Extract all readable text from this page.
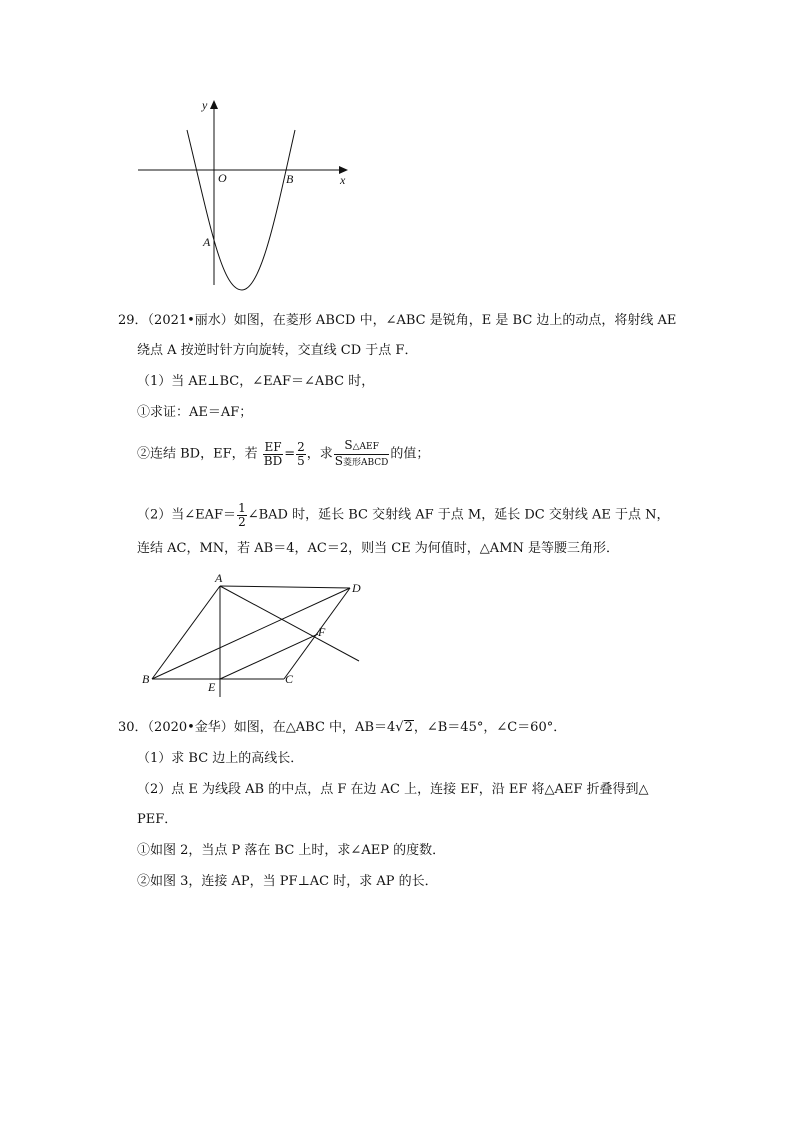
y
O	B	x
A
29．（2021•丽水）如图，在菱形 ABCD 中，∠ABC 是锐角，E 是 BC 边上的动点，将射线 AE
绕点 A 按逆时针方向旋转，交直线 CD 于点 F．
（1）当 AE⊥BC，∠EAF＝∠ABC 时，
①求证：AE＝AF；
②连结 BD，EF，若 $\frac{EF}{BD} = \frac{2}{5}$ ，求 $\frac{\text{S△AEF}}{\text{S菱形ABCD}}$ 的值；
（2）当∠EAF＝ $\frac{1}{2}$ ∠BAD 时，延长 BC 交射线 AF 于点 M，延长 DC 交射线 AE 于点 N，
连结 AC，MN，若 AB＝4，AC＝2，则当 CE 为何值时，△AMN 是等腰三角形．
A
D
F
B
E
C
30．（2020•金华）如图，在△ABC 中，AB＝4√2，∠B＝45°，∠C＝60°．
（1）求 BC 边上的高线长．
（2）点 E 为线段 AB 的中点，点 F 在边 AC 上，连接 EF，沿 EF 将△AEF 折叠得到△
PEF．
①如图 2，当点 P 落在 BC 上时，求∠AEP 的度数．
②如图 3，连接 AP，当 PF⊥AC 时，求 AP 的长．
